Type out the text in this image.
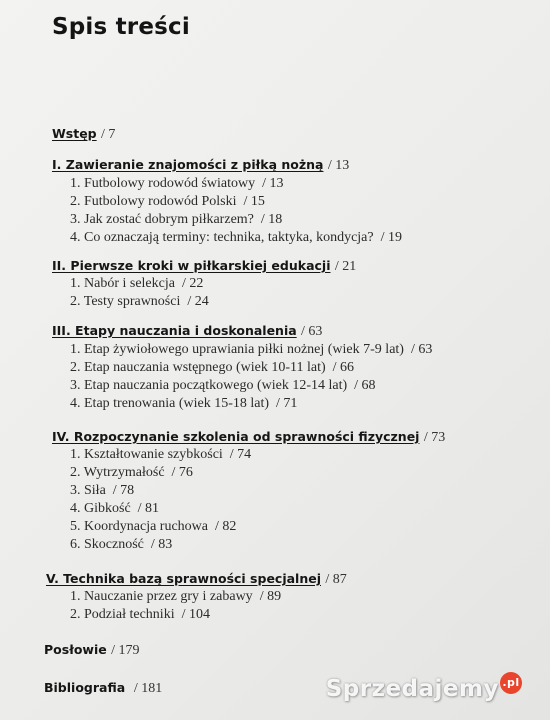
Spis treści
Wstęp / 7
I. Zawieranie znajomości z piłką nożną / 13
1. Futbolowy rodowód światowy / 13
2. Futbolowy rodowód Polski / 15
3. Jak zostać dobrym piłkarzem? / 18
4. Co oznaczają terminy: technika, taktyka, kondycja? / 19
II. Pierwsze kroki w piłkarskiej edukacji / 21
1. Nabór i selekcja / 22
2. Testy sprawności / 24
III. Etapy nauczania i doskonalenia / 63
1. Etap żywiołowego uprawiania piłki nożnej (wiek 7-9 lat) / 63
2. Etap nauczania wstępnego (wiek 10-11 lat) / 66
3. Etap nauczania początkowego (wiek 12-14 lat) / 68
4. Etap trenowania (wiek 15-18 lat) / 71
IV. Rozpoczynanie szkolenia od sprawności fizycznej / 73
1. Kształtowanie szybkości / 74
2. Wytrzymałość / 76
3. Siła / 78
4. Gibkość / 81
5. Koordynacja ruchowa / 82
6. Skoczność / 83
V. Technika bazą sprawności specjalnej / 87
1. Nauczanie przez gry i zabawy / 89
2. Podział techniki / 104
Posłowie / 179
Bibliografia / 181	Sprzedajemy .pl
